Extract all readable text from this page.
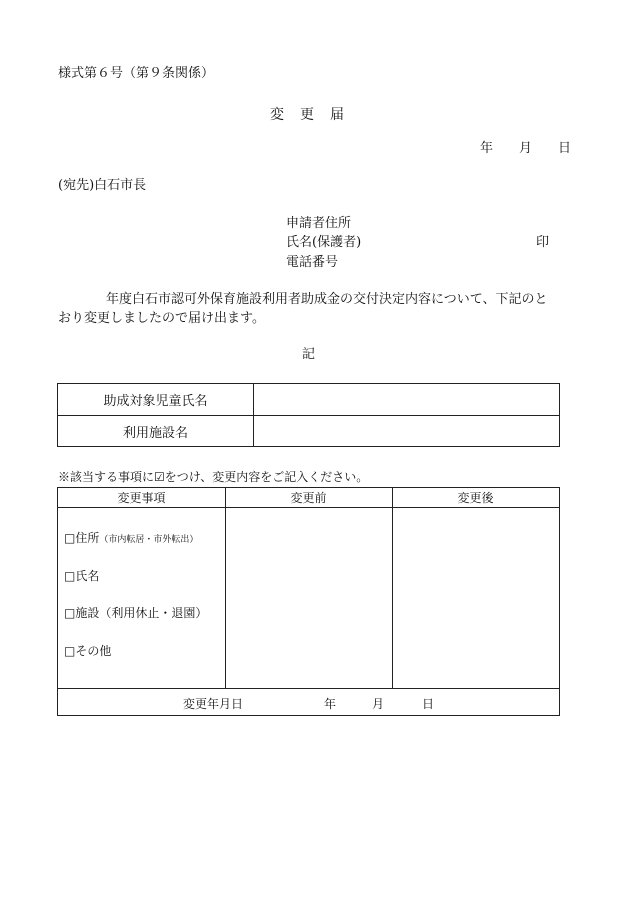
様式第６号（第９条関係）
変　更　届
年　　月　　日
(宛先)白石市長
申請者住所
氏名(保護者)	印
電話番号
年度白石市認可外保育施設利用者助成金の交付決定内容について、下記のと
おり変更しましたので届け出ます。
記
助成対象児童氏名
利用施設名
※該当する事項に☑をつけ、変更内容をご記入ください。
変更事項	変更前	変更後
□住所（市内転居・市外転出）
□氏名
□施設（利用休止・退園）
□その他
変更年月日	年	月	日
